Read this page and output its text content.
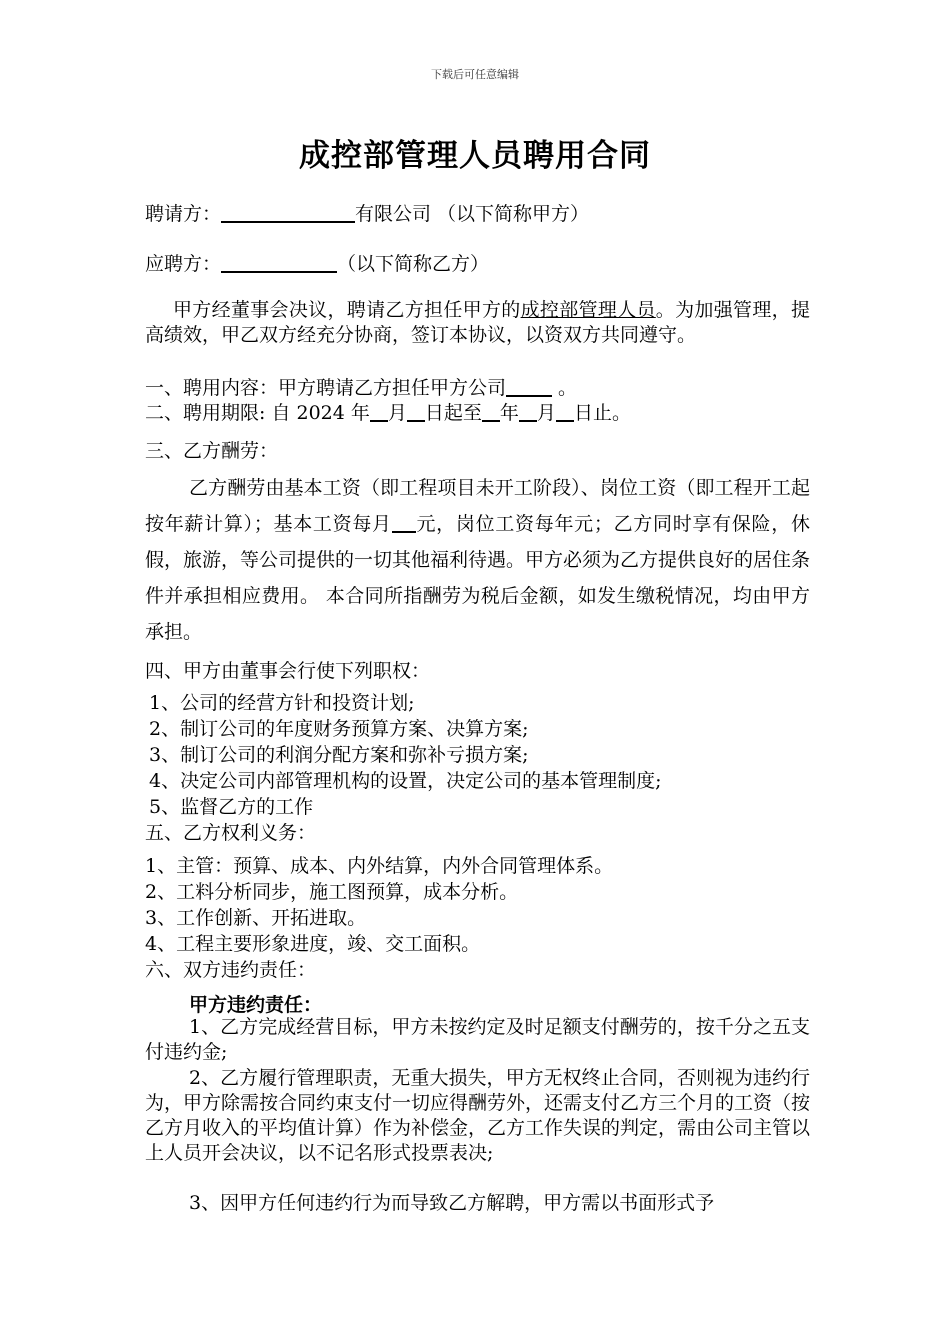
下载后可任意编辑
成控部管理人员聘用合同
聘请方：	有限公司 （以下简称甲方）
应聘方：	（以下简称乙方）
甲方经董事会决议，聘请乙方担任甲方的成控部管理人员。为加强管理，提高绩效，甲乙双方经充分协商，签订本协议，以资双方共同遵守。
一、聘用内容：甲方聘请乙方担任甲方公司 。
二、聘用期限: 自 2024 年 月 日起至 年 月 日止。
三、乙方酬劳：
乙方酬劳由基本工资（即工程项目未开工阶段）、岗位工资（即工程开工起按年薪计算）；基本工资每月 元，岗位工资每年元；乙方同时享有保险，休假，旅游，等公司提供的一切其他福利待遇。甲方必须为乙方提供良好的居住条件并承担相应费用。 本合同所指酬劳为税后金额，如发生缴税情况，均由甲方承担。
四、甲方由董事会行使下列职权：
1、公司的经营方针和投资计划;
2、制订公司的年度财务预算方案、决算方案;
3、制订公司的利润分配方案和弥补亏损方案;
4、决定公司内部管理机构的设置，决定公司的基本管理制度;
5、监督乙方的工作
五、乙方权利义务：
1、主管：预算、成本、内外结算，内外合同管理体系。
2、工料分析同步，施工图预算，成本分析。
3、工作创新、开拓进取。
4、工程主要形象进度，竣、交工面积。
六、双方违约责任：
甲方违约责任：
1、乙方完成经营目标，甲方未按约定及时足额支付酬劳的，按千分之五支付违约金;
2、乙方履行管理职责，无重大损失，甲方无权终止合同，否则视为违约行为，甲方除需按合同约束支付一切应得酬劳外，还需支付乙方三个月的工资（按乙方月收入的平均值计算）作为补偿金，乙方工作失误的判定，需由公司主管以上人员开会决议，以不记名形式投票表决;
3、因甲方任何违约行为而导致乙方解聘，甲方需以书面形式予
